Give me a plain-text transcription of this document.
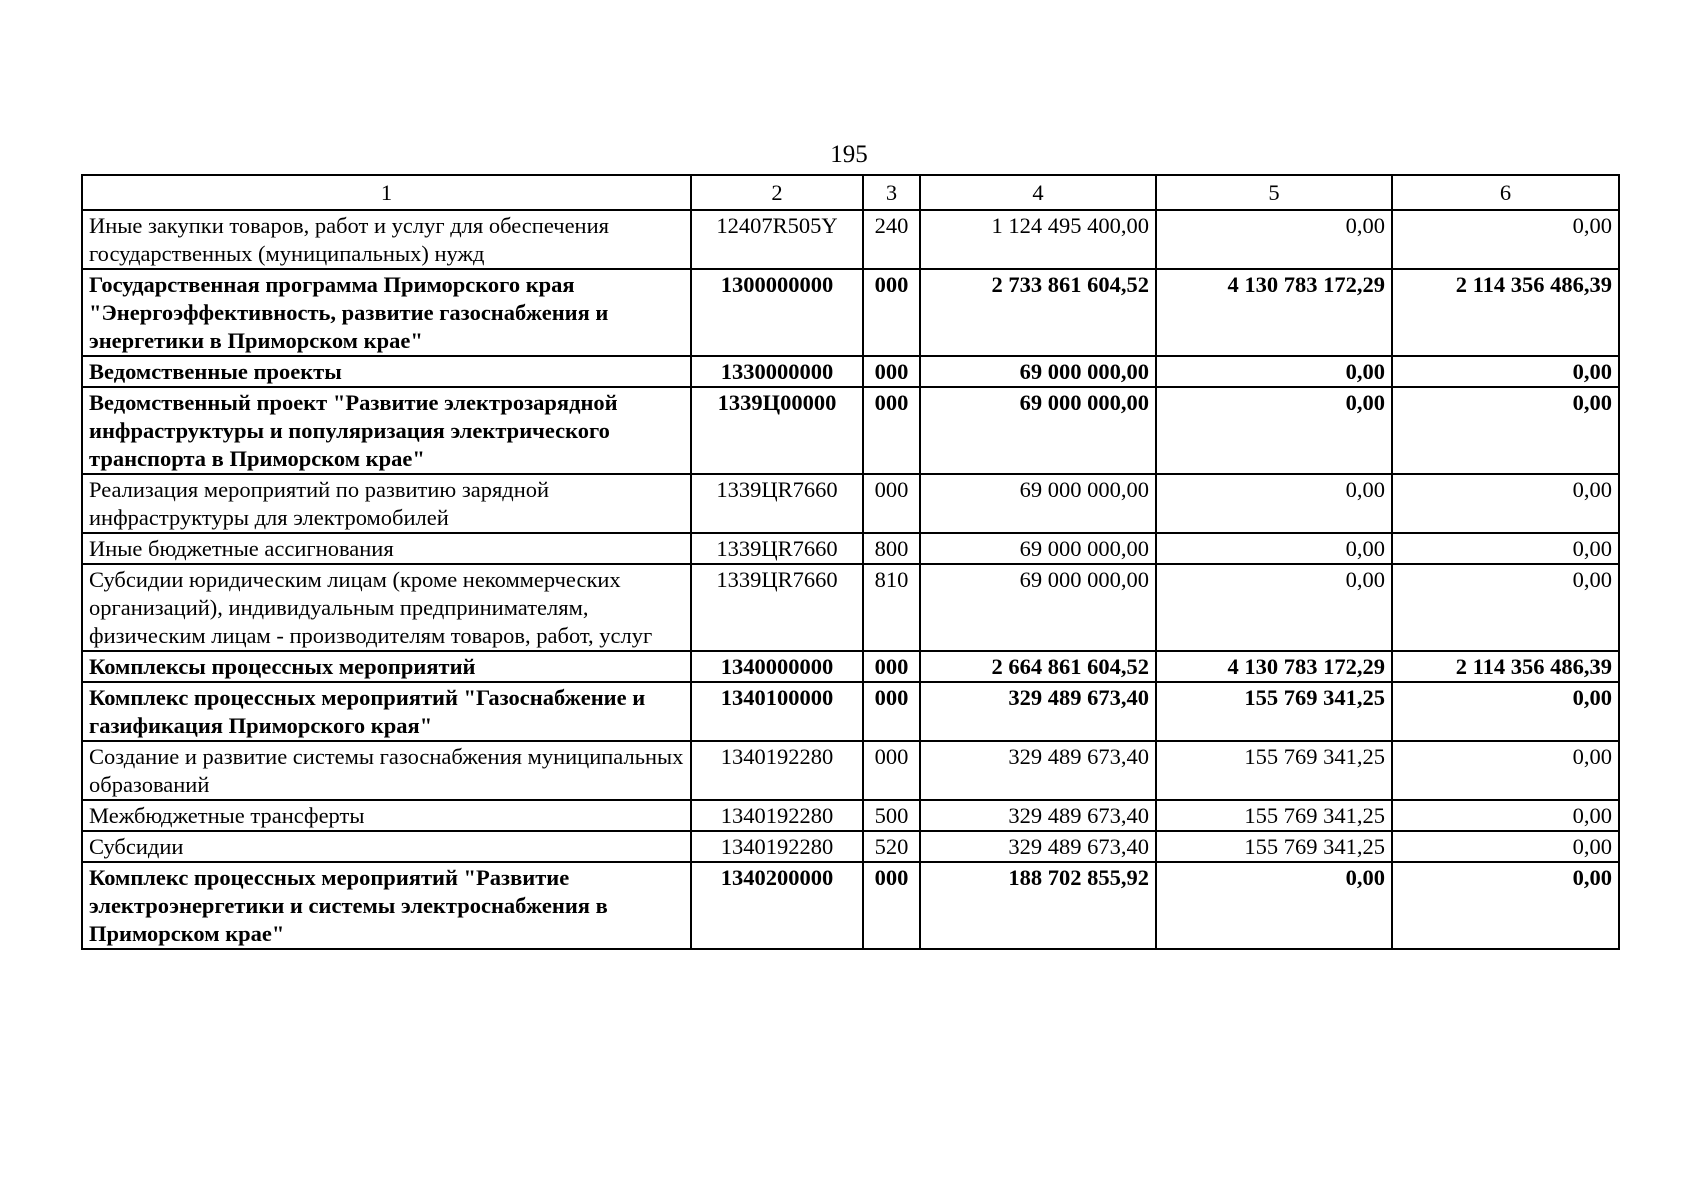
195
1	2	3	4	5	6
Иные закупки товаров, работ и услуг для обеспечения государственных (муниципальных) нужд	12407R505Y	240	1 124 495 400,00	0,00	0,00
Государственная программа Приморского края "Энергоэффективность, развитие газоснабжения и энергетики в Приморском крае"	1300000000	000	2 733 861 604,52	4 130 783 172,29	2 114 356 486,39
Ведомственные проекты	1330000000	000	69 000 000,00	0,00	0,00
Ведомственный проект "Развитие электрозарядной инфраструктуры и популяризация электрического транспорта в Приморском крае"	1339Ц00000	000	69 000 000,00	0,00	0,00
Реализация мероприятий по развитию зарядной инфраструктуры для электромобилей	1339ЦR7660	000	69 000 000,00	0,00	0,00
Иные бюджетные ассигнования	1339ЦR7660	800	69 000 000,00	0,00	0,00
Субсидии юридическим лицам (кроме некоммерческих организаций), индивидуальным предпринимателям, физическим лицам - производителям товаров, работ, услуг	1339ЦR7660	810	69 000 000,00	0,00	0,00
Комплексы процессных мероприятий	1340000000	000	2 664 861 604,52	4 130 783 172,29	2 114 356 486,39
Комплекс процессных мероприятий "Газоснабжение и газификация Приморского края"	1340100000	000	329 489 673,40	155 769 341,25	0,00
Создание и развитие системы газоснабжения муниципальных образований	1340192280	000	329 489 673,40	155 769 341,25	0,00
Межбюджетные трансферты	1340192280	500	329 489 673,40	155 769 341,25	0,00
Субсидии	1340192280	520	329 489 673,40	155 769 341,25	0,00
Комплекс процессных мероприятий "Развитие электроэнергетики и системы электроснабжения в Приморском крае"	1340200000	000	188 702 855,92	0,00	0,00
